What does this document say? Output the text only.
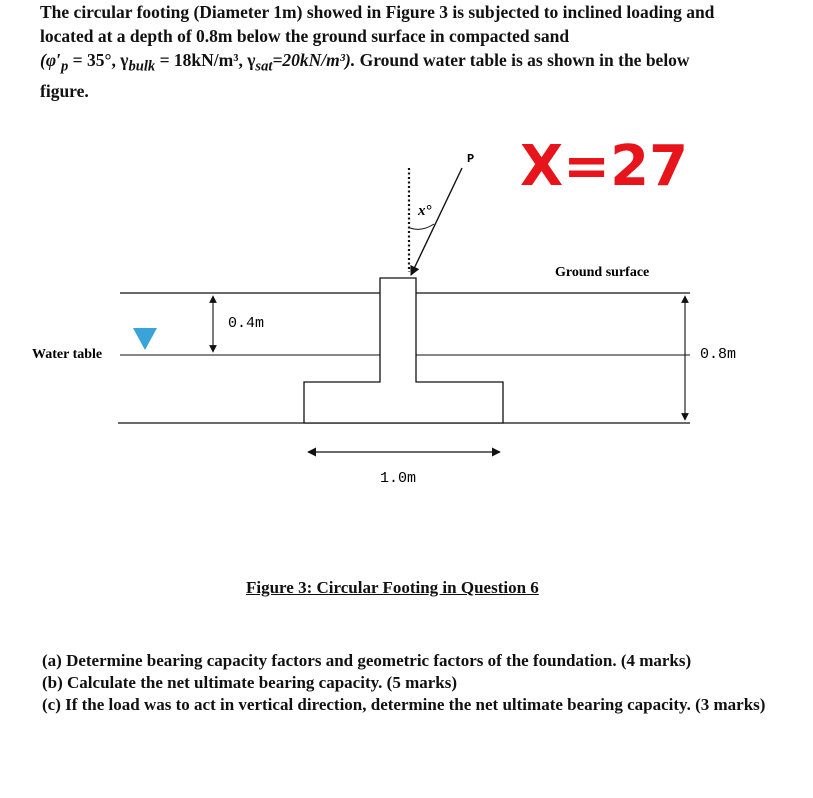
The circular footing (Diameter 1m) showed in Figure 3 is subjected to inclined loading and

located at a depth of 0.8m below the ground surface in compacted sand

($\varphi'_p = 35^\circ$, $\gamma_{bulk} = 18kN/m^3$, $\gamma_{sat}=20kN/m^3$). Ground water table is as shown in the below

figure.

P
x°
Ground surface
Water table
0.4m
0.8m
1.0m
X=27
Figure 3: Circular Footing in Question 6

(a) Determine bearing capacity factors and geometric factors of the foundation. (4 marks)

(b) Calculate the net ultimate bearing capacity. (5 marks)

(c) If the load was to act in vertical direction, determine the net ultimate bearing capacity. (3 marks)
